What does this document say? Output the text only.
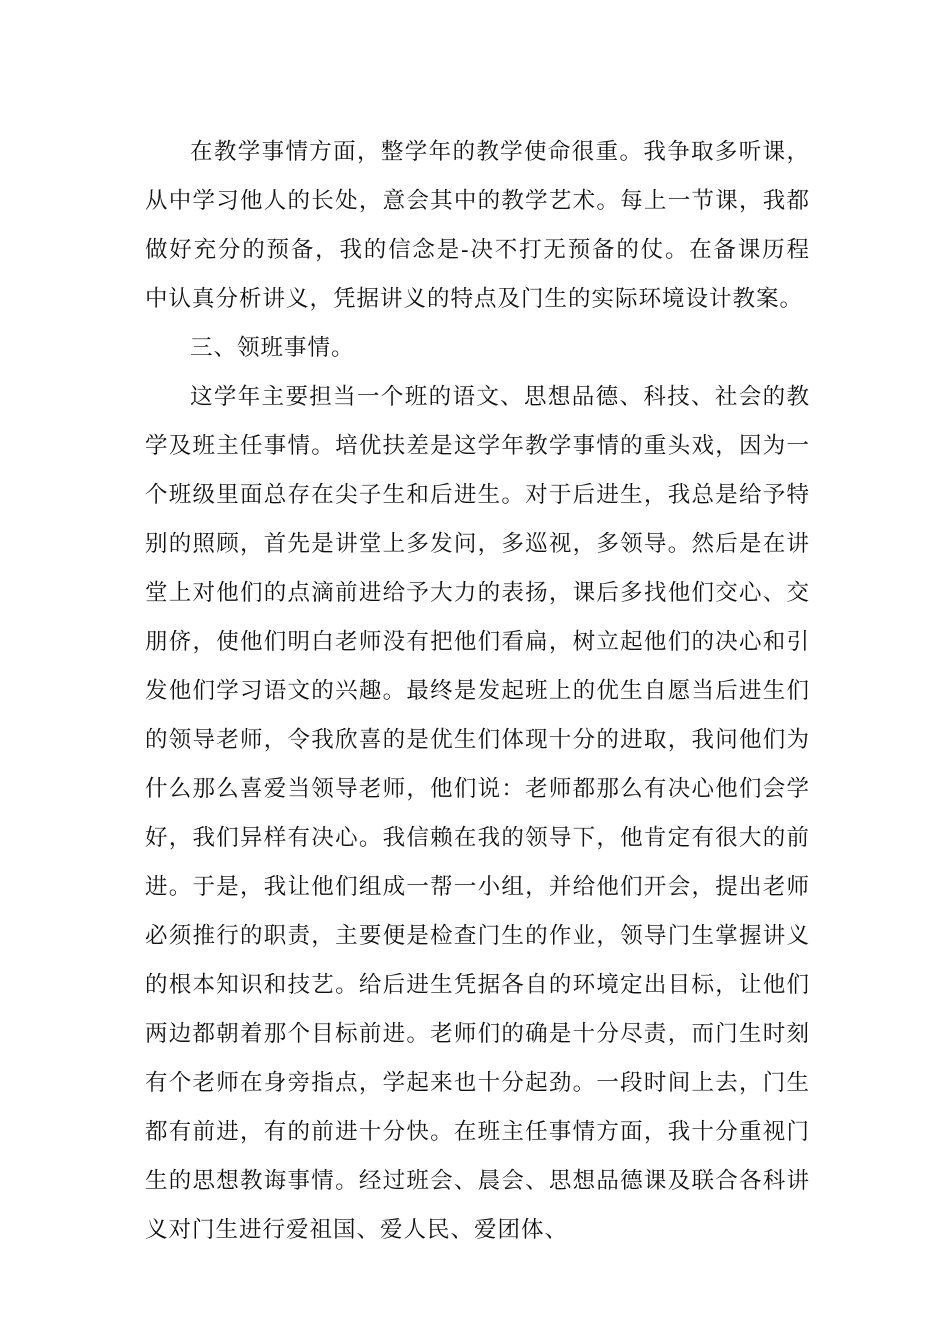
在教学事情方面，整学年的教学使命很重。我争取多听课，从中学习他人的长处，意会其中的教学艺术。每上一节课，我都做好充分的预备，我的信念是-决不打无预备的仗。在备课历程中认真分析讲义，凭据讲义的特点及门生的实际环境设计教案。

三、领班事情。

这学年主要担当一个班的语文、思想品德、科技、社会的教学及班主任事情。培优扶差是这学年教学事情的重头戏，因为一个班级里面总存在尖子生和后进生。对于后进生，我总是给予特别的照顾，首先是讲堂上多发问，多巡视，多领导。然后是在讲堂上对他们的点滴前进给予大力的表扬，课后多找他们交心、交朋侪，使他们明白老师没有把他们看扁，树立起他们的决心和引发他们学习语文的兴趣。最终是发起班上的优生自愿当后进生们的领导老师，令我欣喜的是优生们体现十分的进取，我问他们为什么那么喜爱当领导老师，他们说：老师都那么有决心他们会学好，我们异样有决心。我信赖在我的领导下，他肯定有很大的前进。于是，我让他们组成一帮一小组，并给他们开会，提出老师必须推行的职责，主要便是检查门生的作业，领导门生掌握讲义的根本知识和技艺。给后进生凭据各自的环境定出目标，让他们两边都朝着那个目标前进。老师们的确是十分尽责，而门生时刻有个老师在身旁指点，学起来也十分起劲。一段时间上去，门生都有前进，有的前进十分快。在班主任事情方面，我十分重视门生的思想教诲事情。经过班会、晨会、思想品德课及联合各科讲义对门生进行爱祖国、爱人民、爱团体、
